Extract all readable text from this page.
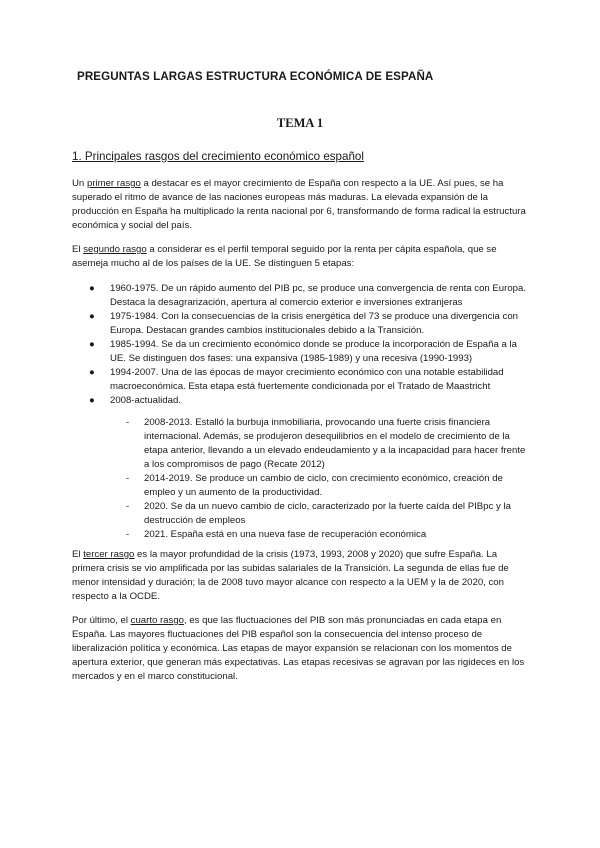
PREGUNTAS LARGAS ESTRUCTURA ECONÓMICA DE ESPAÑA
TEMA 1
1. Principales rasgos del crecimiento económico español

Un primer rasgo a destacar es el mayor crecimiento de España con respecto a la UE. Así pues, se ha superado el ritmo de avance de las naciones europeas más maduras. La elevada expansión de la producción en España ha multiplicado la renta nacional por 6, transformando de forma radical la estructura económica y social del país.

El segundo rasgo a considerar es el perfil temporal seguido por la renta per cápita española, que se asemeja mucho al de los países de la UE. Se distinguen 5 etapas:

● 1960-1975. De un rápido aumento del PIB pc, se produce una convergencia de renta con Europa. Destaca la desagrarización, apertura al comercio exterior e inversiones extranjeras
● 1975-1984. Con la consecuencias de la crisis energética del 73 se produce una divergencia con Europa. Destacan grandes cambios institucionales debido a la Transición.
● 1985-1994. Se da un crecimiento económico donde se produce la incorporación de España a la UE. Se distinguen dos fases: una expansiva (1985-1989) y una recesiva (1990-1993)
● 1994-2007. Una de las épocas de mayor crecimiento económico con una notable estabilidad macroeconómica. Esta etapa está fuertemente condicionada por el Tratado de Maastricht
● 2008-actualidad.
- 2008-2013. Estalló la burbuja inmobiliaria, provocando una fuerte crisis financiera internacional. Además, se produjeron desequilibrios en el modelo de crecimiento de la etapa anterior, llevando a un elevado endeudamiento y a la incapacidad para hacer frente a los compromisos de pago (Recate 2012)
- 2014-2019. Se produce un cambio de ciclo, con crecimiento económico, creación de empleo y un aumento de la productividad.
- 2020. Se da un nuevo cambio de ciclo, caracterizado por la fuerte caída del PIBpc y la destrucción de empleos
- 2021. España está en una nueva fase de recuperación económica

El tercer rasgo es la mayor profundidad de la crisis (1973, 1993, 2008 y 2020) que sufre España. La primera crisis se vio amplificada por las subidas salariales de la Transición. La segunda de ellas fue de menor intensidad y duración; la de 2008 tuvo mayor alcance con respecto a la UEM y la de 2020, con respecto a la OCDE.

Por último, el cuarto rasgo, es que las fluctuaciones del PIB son más pronunciadas en cada etapa en España. Las mayores fluctuaciones del PIB español son la consecuencia del intenso proceso de liberalización política y económica. Las etapas de mayor expansión se relacionan con los momentos de apertura exterior, que generan más expectativas. Las etapas recesivas se agravan por las rigideces en los mercados y en el marco constitucional.
